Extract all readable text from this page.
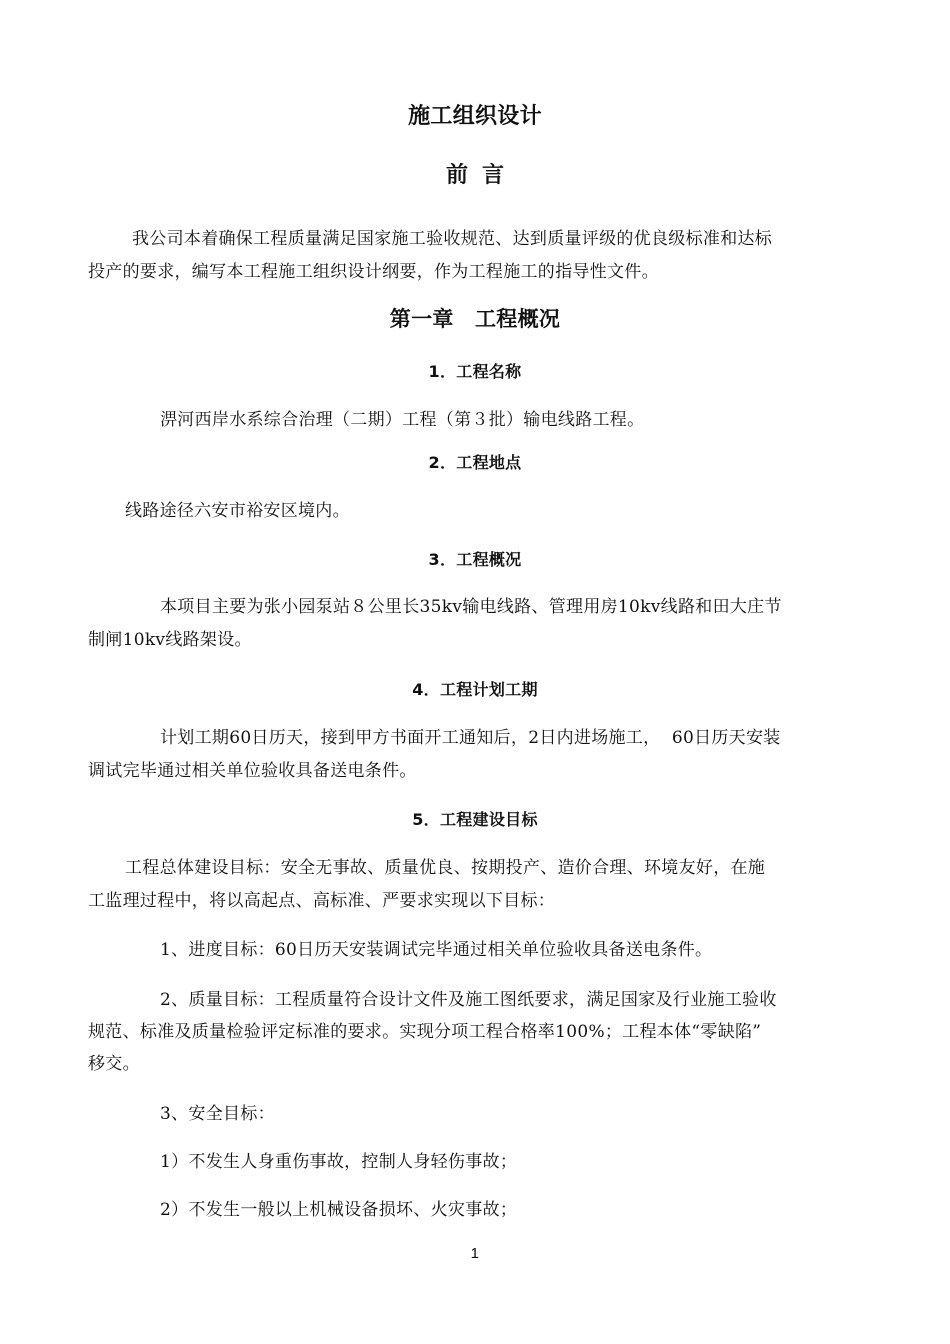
施工组织设计
前言
我公司本着确保工程质量满足国家施工验收规范、达到质量评级的优良级标准和达标
投产的要求，编写本工程施工组织设计纲要，作为工程施工的指导性文件。
第一章　工程概况
1．工程名称
淠河西岸水系综合治理（二期）工程（第３批）输电线路工程。
2．工程地点
线路途径六安市裕安区境内。
3．工程概况
本项目主要为张小园泵站８公里长35kv输电线路、管理用房10kv线路和田大庄节
制闸10kv线路架设。
4．工程计划工期
计划工期60日历天，接到甲方书面开工通知后，2日内进场施工，  60日历天安装
调试完毕通过相关单位验收具备送电条件。
5．工程建设目标
工程总体建设目标：安全无事故、质量优良、按期投产、造价合理、环境友好，在施
工监理过程中，将以高起点、高标准、严要求实现以下目标：
1、进度目标：60日历天安装调试完毕通过相关单位验收具备送电条件。
2、质量目标：工程质量符合设计文件及施工图纸要求，满足国家及行业施工验收
规范、标准及质量检验评定标准的要求。实现分项工程合格率100%；工程本体“零缺陷”
移交。
3、安全目标：
1）不发生人身重伤事故，控制人身轻伤事故；
2）不发生一般以上机械设备损坏、火灾事故；
1
